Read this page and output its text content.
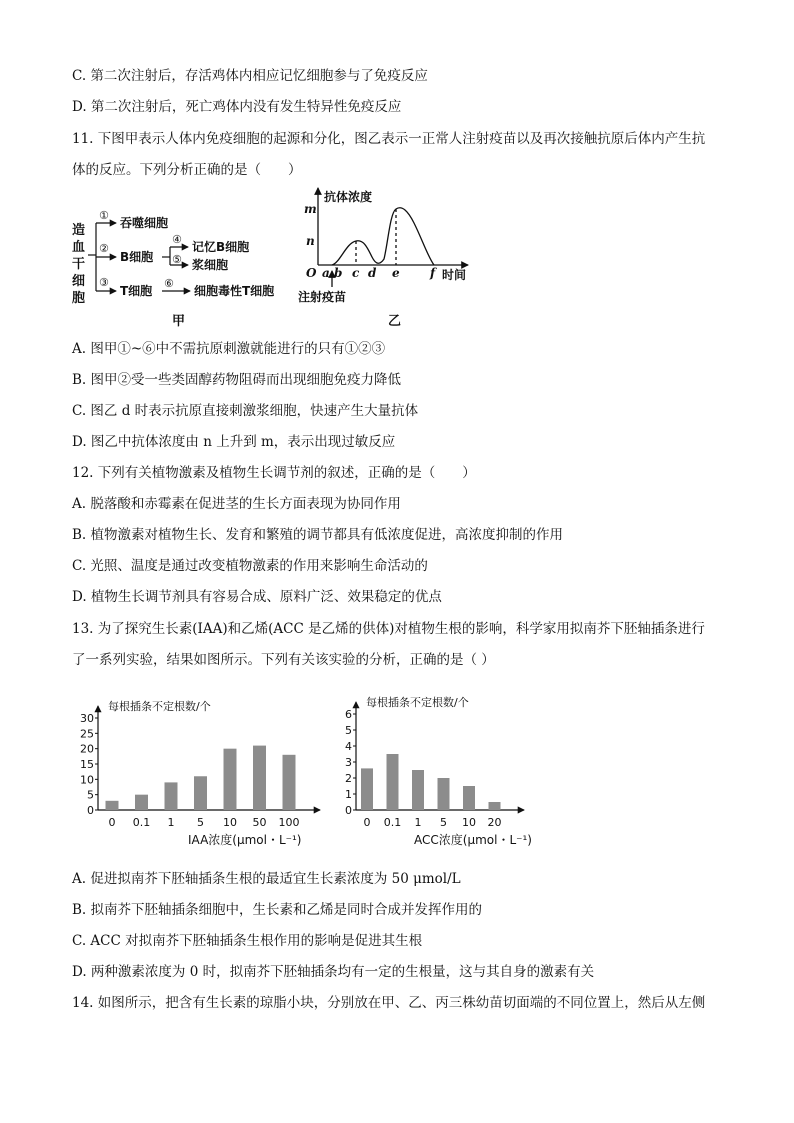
C. 第二次注射后，存活鸡体内相应记忆细胞参与了免疫反应
D. 第二次注射后，死亡鸡体内没有发生特异性免疫反应
11. 下图甲表示人体内免疫细胞的起源和分化，图乙表示一正常人注射疫苗以及再次接触抗原后体内产生抗
体的反应。下列分析正确的是（　　）
造
血
干
细
胞
①
②
③
④
⑤
⑥
吞噬细胞
B细胞
T细胞
记忆B细胞
浆细胞
细胞毒性T细胞
甲
抗体浓度
时间
m
n
O a b c d e	f
注射疫苗
乙
A. 图甲①~⑥中不需抗原刺激就能进行的只有①②③
B. 图甲②受一些类固醇药物阻碍而出现细胞免疫力降低
C. 图乙 d 时表示抗原直接刺激浆细胞，快速产生大量抗体
D. 图乙中抗体浓度由 n 上升到 m，表示出现过敏反应
12. 下列有关植物激素及植物生长调节剂的叙述，正确的是（　　）
A. 脱落酸和赤霉素在促进茎的生长方面表现为协同作用
B. 植物激素对植物生长、发育和繁殖的调节都具有低浓度促进，高浓度抑制的作用
C. 光照、温度是通过改变植物激素的作用来影响生命活动的
D. 植物生长调节剂具有容易合成、原料广泛、效果稳定的优点
13. 为了探究生长素(IAA)和乙烯(ACC 是乙烯的供体)对植物生根的影响，科学家用拟南芥下胚轴插条进行
了一系列实验，结果如图所示。下列有关该实验的分析，正确的是（ ）
每根插条不定根数/个
0
5
10
15
20
25
30
0 0.1 1 5 10 50 100
IAA浓度(μmol・L⁻¹)
每根插条不定根数/个
0
1
2
3
4
5
6
0 0.1 1 5 10 20
ACC浓度(μmol・L⁻¹)
A. 促进拟南芥下胚轴插条生根的最适宜生长素浓度为 50 μmol/L
B. 拟南芥下胚轴插条细胞中，生长素和乙烯是同时合成并发挥作用的
C. ACC 对拟南芥下胚轴插条生根作用的影响是促进其生根
D. 两种激素浓度为 0 时，拟南芥下胚轴插条均有一定的生根量，这与其自身的激素有关
14. 如图所示，把含有生长素的琼脂小块，分别放在甲、乙、丙三株幼苗切面端的不同位置上，然后从左侧
